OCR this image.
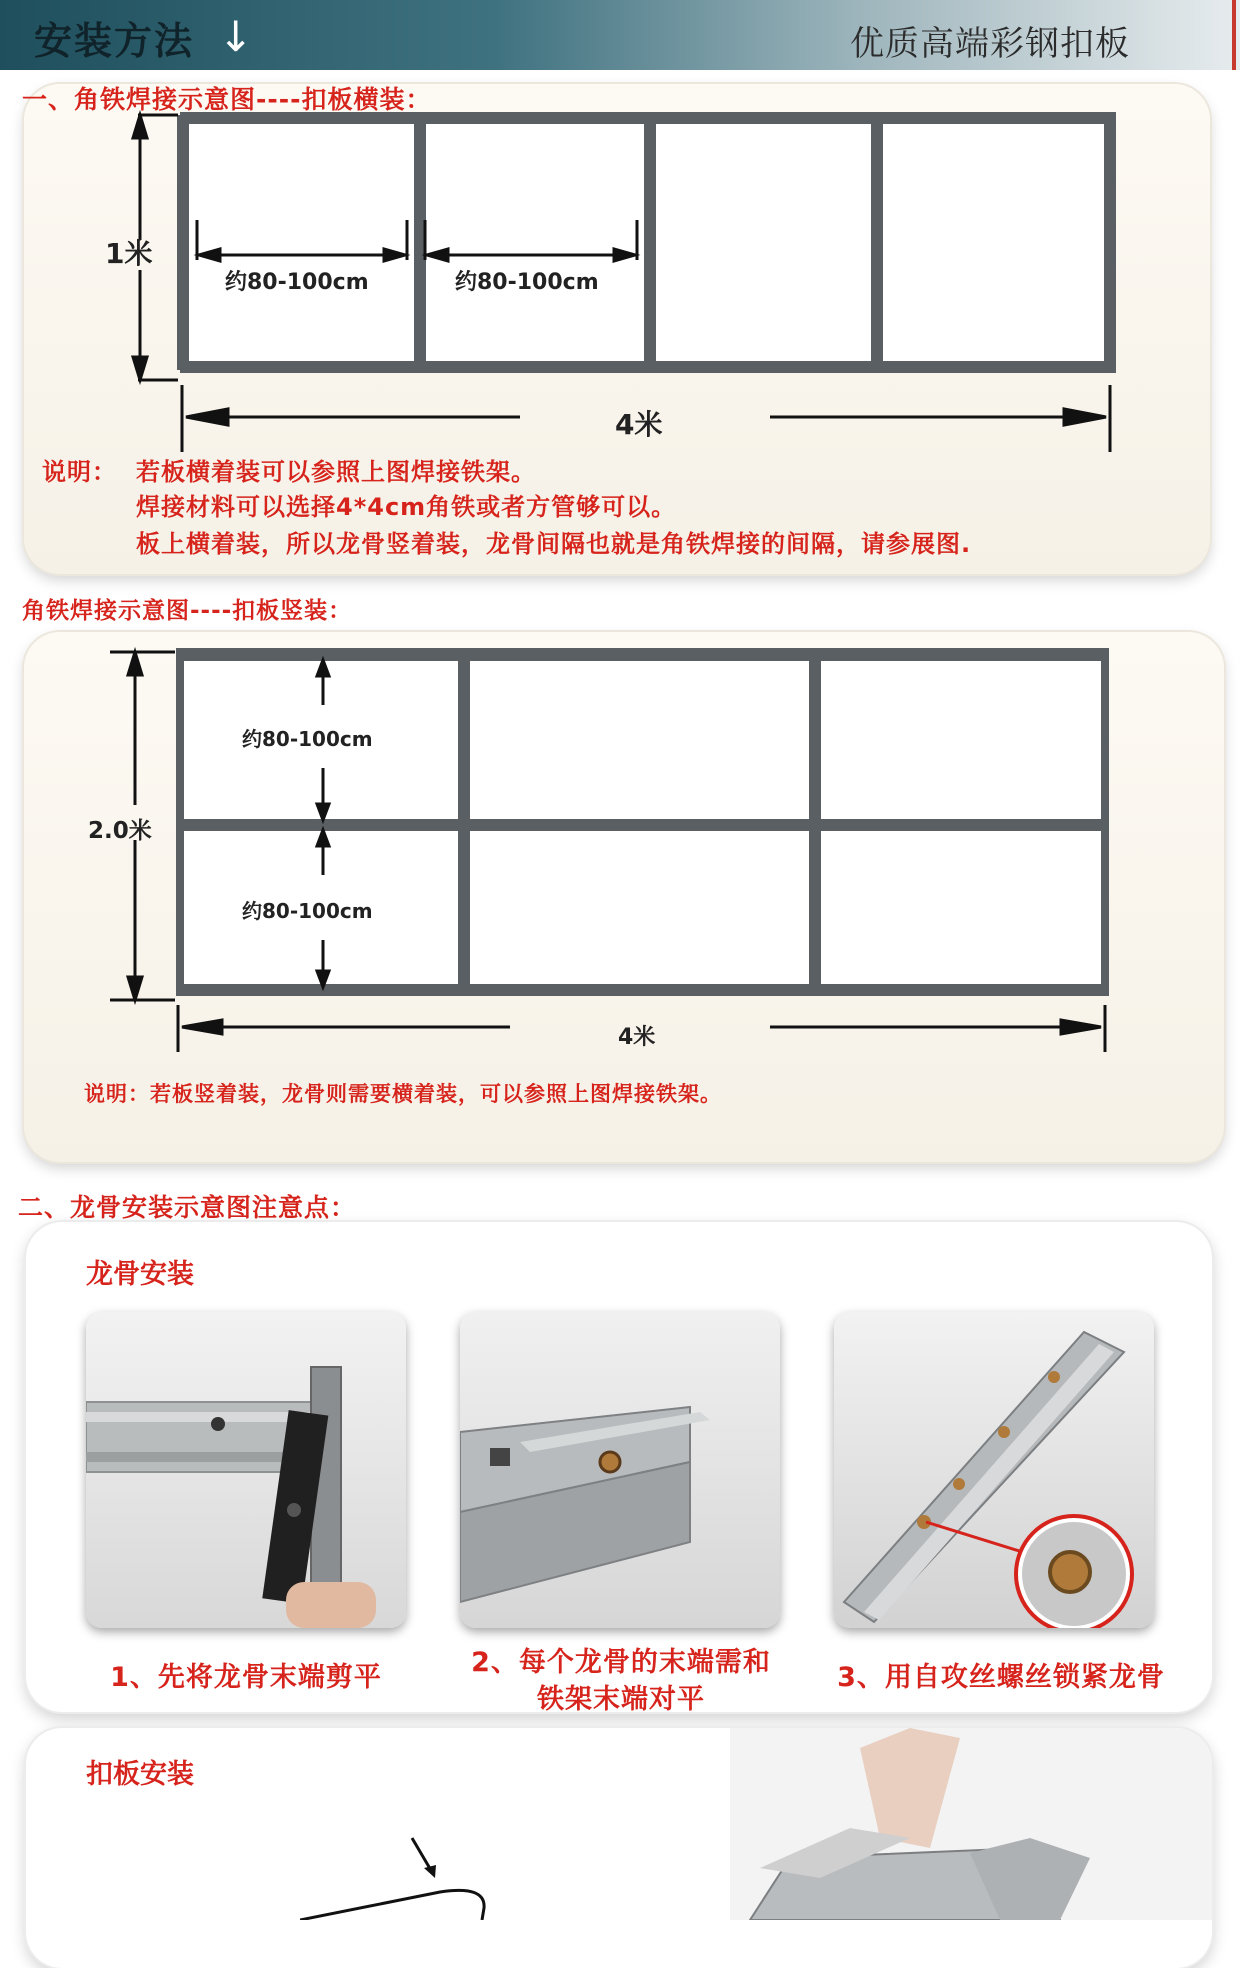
安装方法 ↓	优质高端彩钢扣板
一、角铁焊接示意图----扣板横装：
1米
约80-100cm	约80-100cm
4米
说明： 若板横着装可以参照上图焊接铁架。
焊接材料可以选择4*4cm角铁或者方管够可以。
板上横着装，所以龙骨竖着装，龙骨间隔也就是角铁焊接的间隔，请参展图.
角铁焊接示意图----扣板竖装：
2.0米
约80-100cm
约80-100cm
4米
说明：若板竖着装，龙骨则需要横着装，可以参照上图焊接铁架。
二、龙骨安装示意图注意点：
龙骨安装
1、先将龙骨末端剪平	2、每个龙骨的末端需和
铁架末端对平
3、用自攻丝螺丝锁紧龙骨
扣板安装
